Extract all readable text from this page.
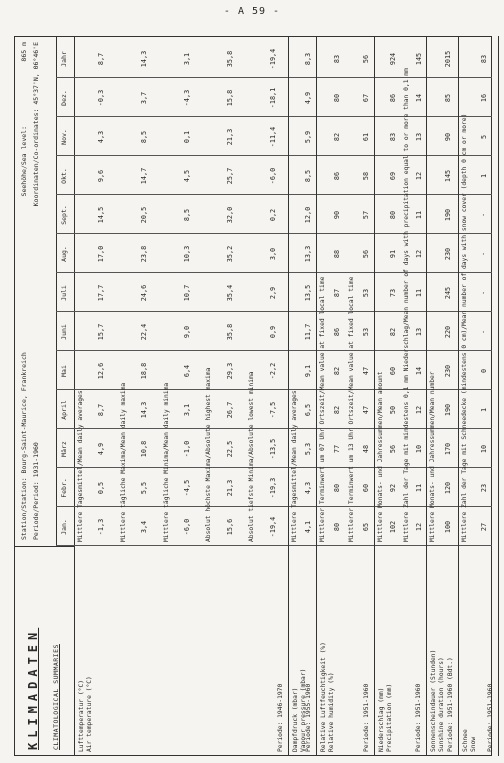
- A 59 -
KLIMADATEN CLIMATOLOGICAL SUMMARIES
Station/Station: Bourg-Saint-Maurice, Frankreich Periode/Period: 1931-1960
Seehöhe/Sea level:
865 m Koordinaten/Co-ordinates: 45°37'N, 06°46'E
Jan.
Febr.
März
April
Mai
Juni
Juli
Aug.
Sept.
Okt.
Nov.
Dez.
Jahr
Lufttemperatur (°C)
Air temperature (°C)	Periode: 1946-1970
Mittlere Tagesmittel/Mean daily averages -1,3
0,5
4,9
8,7
12,6
15,7
17,7
17,0
14,5
9,6
4,3
-0,3
8,7
Mittlere tägliche Maxima/Mean daily maxima 3,4
5,5
10,8
14,3
18,8
22,4
24,6
23,8
20,5
14,7
8,5
3,7
14,3
Mittlere tägliche Minima/Mean daily minima -6,0
-4,5
-1,0
3,1
6,4
9,0
10,7
10,3
8,5
4,5
0,1
-4,3
3,1
Absolut höchste Maxima/Absolute highest maxima 15,6
21,3
22,5
26,7
29,3
35,8
35,4
35,2
32,0
25,7
21,3
15,8
35,8
Absolut tiefste Minima/Absolute lowest minima -19,4
-19,3
-13,5
-7,5
-2,2
0,9
2,9
3,0
0,2
-6,0
-11,4
-18,1
-19,4
Dampfdruck (mbar)
Vapour pressure (mbar)
Periode: 1955-1960
Mittlere Tagesmittel/Mean daily averages 4,1
4,3
5,3
6,5
9,1
11,7
13,5
13,3
12,0
8,5
5,9
4,9
8,3
Relative Luftfeuchtigkeit (%)
Relative humidity (%)
Periode: 1951-1960
Mittlerer Terminwert um 07 Uhr Ortszeit/Mean value at fixed local time 80
80
77
82
82
86
87
88
90
86
82
80
83
Mittlerer Terminwert um 13 Uhr Ortszeit/Mean value at fixed local time 65
60
48
47
47
53
53
56
57
58
61
67
56
Niederschlag (mm)
Precipitation (mm)	Periode: 1951-1960
Mittlere Monats- und Jahressummen/Mean amount 102
92
56
50
60
82
73
91
80
69
83
86
924
Mittlere Zahl der Tage mit mindestens 0,1 mm Niederschlag/Mean number of days with precipitation equal to or more than 0,1 mm 12
11
10
12
14
13
11
12
11
12
13
14
145
Sonnenscheindauer (Stunden)
Sunshine duration (hours) Periode: 1951-1960 (Bdt.)
Mittlere Monats- und Jahressummen/Mean number 100
120
170
190
230
220
245
230
190
145
90
85
2015
Schnee
Snow Periode: 1951-1960
Mittlere Zahl der Tage mit Schneedecke (mindestens 0 cm)/Mean number of days with snow cover (depth 0 cm or more) 27
23
10
1
0
·
·
·
·
1
5
16
83
